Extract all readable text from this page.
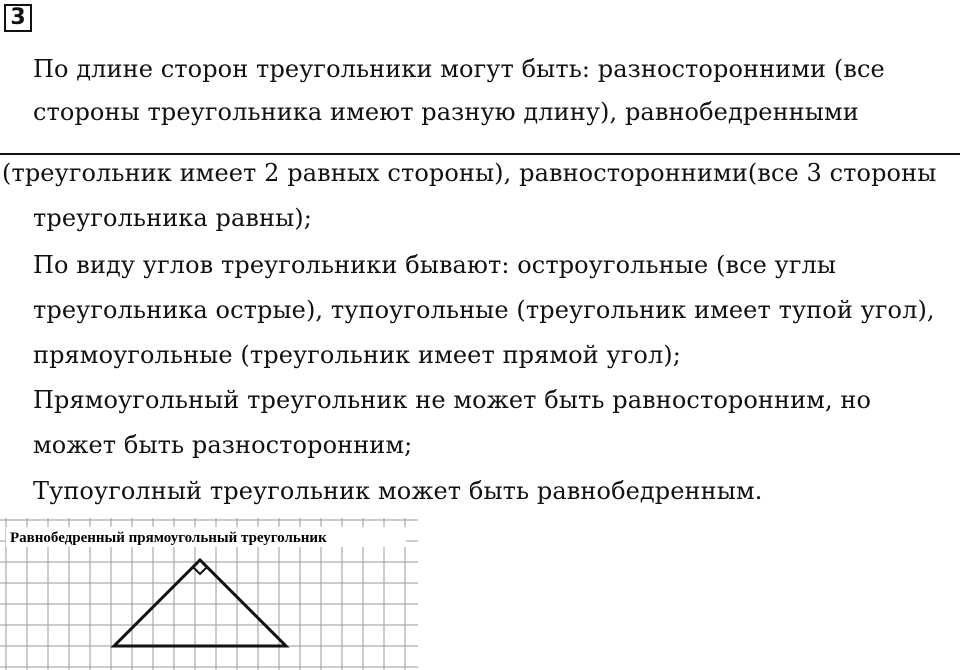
3
По длине сторон треугольники могут быть: разносторонними (все
стороны треугольника имеют разную длину), равнобедренными
(треугольник имеет 2 равных стороны), равносторонними(все 3 стороны
треугольника равны);
По виду углов треугольники бывают: остроугольные (все углы
треугольника острые), тупоугольные (треугольник имеет тупой угол),
прямоугольные (треугольник имеет прямой угол);
Прямоугольный треугольник не может быть равносторонним, но
может быть разносторонним;
Тупоуголный треугольник может быть равнобедренным.
Равнобедренный прямоугольный треугольник
